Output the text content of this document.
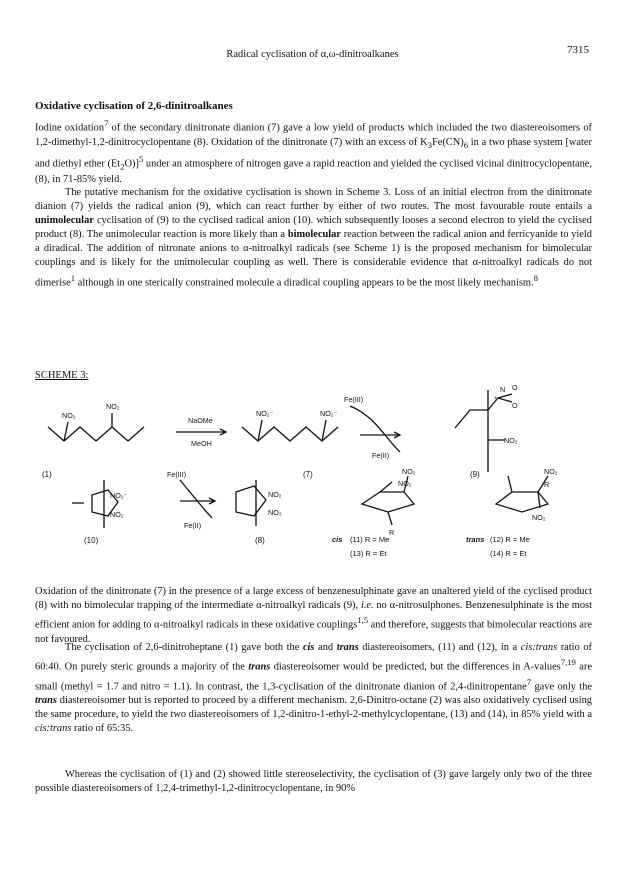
Radical cyclisation of α,ω-dinitroalkanes	7315
Oxidative cyclisation of 2,6-dinitroalkanes
Iodine oxidation$^7$ of the secondary dinitronate dianion (7) gave a low yield of products which included the two diastereoisomers of 1,2-dimethyl-1,2-dinitrocyclopentane (8). Oxidation of the dinitronate (7) with an excess of $K_3Fe(CN)_6$ in a two phase system [water and diethyl ether $(Et_2O)]^5$ under an atmosphere of nitrogen gave a rapid reaction and yielded the cyclised vicinal dinitrocyclopentane, (8), in 71-85% yield.
The putative mechanism for the oxidative cyclisation is shown in Scheme 3. Loss of an initial electron from the dinitronate dianion (7) yields the radical anion (9), which can react further by either of two routes. The most favourable route entails a unimolecular cyclisation of (9) to the cyclised radical anion (10). which subsequently looses a second electron to yield the cyclised product (8). The unimolecular reaction is more likely than a bimolecular reaction between the radical anion and ferricyanide to yield a diradical. The addition of nitronate anions to α-nitroalkyl radicals (see Scheme 1) is the proposed mechanism for bimolecular couplings and is likely for the unimolecular coupling as well. There is considerable evidence that α-nitroalkyl radicals do not dimerise$^1$ although in one sterically constrained molecule a diradical coupling appears to be the most likely mechanism.$^8$
SCHEME 3:
NO₂
NO₂
(1)
NaOMe
MeOH
NO₂⁻	NO₂⁻
(7)
Fe(III)
Fe(II)
N
+
O
O
NO₂
(9)
NO₂⁻
NO₂
(10)
Fe(III)
Fe(II)
NO₂
NO₂
(8)
NO₂
NO₂
R
cis (11) R = Me
(13) R = Et
NO₂
R
NO₂
trans (12) R = Me
(14) R = Et
Oxidation of the dinitronate (7) in the presence of a large excess of benzenesulphinate gave an unaltered yield of the cyclised product (8) with no bimolecular trapping of the intermediate α-nitroalkyl radicals (9), i.e. no α-nitrosulphones. Benzenesulphinate is the most efficient anion for adding to α-nitroalkyl radicals in these oxidative couplings$^{1,5}$ and therefore, suggests that bimolecular reactions are not favoured.
The cyclisation of 2,6-dinitroheptane (1) gave both the cis and trans diastereoisomers, (11) and (12), in a cis:trans ratio of 60:40. On purely steric grounds a majority of the trans diastereoisomer would be predicted, but the differences in A-values$^{7,19}$ are small (methyl = 1.7 and nitro = 1.1). In contrast, the 1,3-cyclisation of the dinitronate dianion of 2,4-dinitropentane$^7$ gave only the trans diastereoisomer but is reported to proceed by a different mechanism. 2,6-Dinitro-octane (2) was also oxidatively cyclised using the same procedure, to yield the two diastereoisomers of 1,2-dinitro-1-ethyl-2-methylcyclopentane, (13) and (14), in 85% yield with a cis:trans ratio of 65:35.
Whereas the cyclisation of (1) and (2) showed little stereoselectivity, the cyclisation of (3) gave largely only two of the three possible diastereoisomers of 1,2,4-trimethyl-1,2-dinitrocyclopentane, in 90%
